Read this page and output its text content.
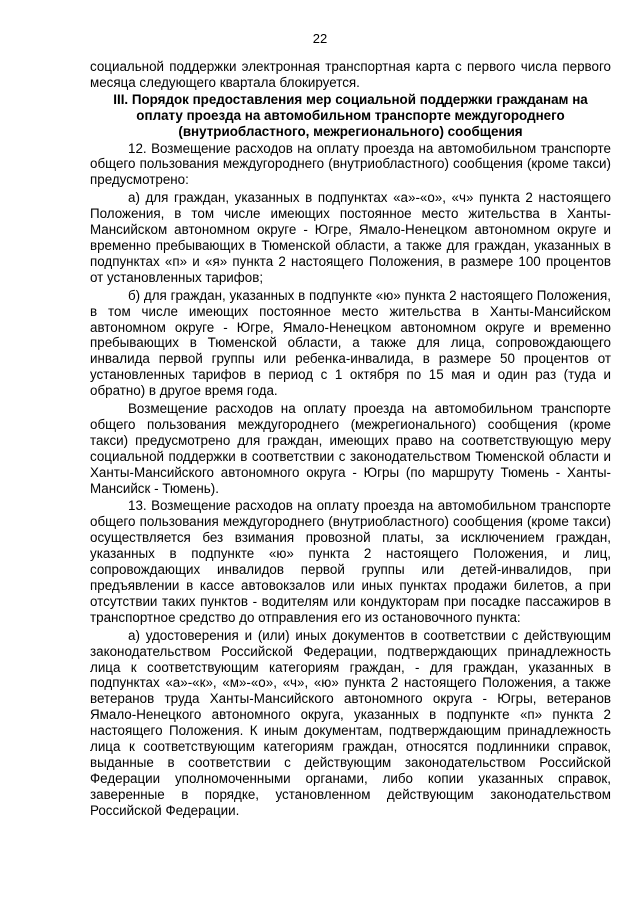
22

социальной поддержки электронная транспортная карта с первого числа первого месяца следующего квартала блокируется.

III. Порядок предоставления мер социальной поддержки гражданам на оплату проезда на автомобильном транспорте междугороднего (внутриобластного, межрегионального) сообщения

12. Возмещение расходов на оплату проезда на автомобильном транспорте общего пользования междугороднего (внутриобластного) сообщения (кроме такси) предусмотрено:

а) для граждан, указанных в подпунктах «а»-«о», «ч» пункта 2 настоящего Положения, в том числе имеющих постоянное место жительства в Ханты-Мансийском автономном округе - Югре, Ямало-Ненецком автономном округе и временно пребывающих в Тюменской области, а также для граждан, указанных в подпунктах «п» и «я» пункта 2 настоящего Положения, в размере 100 процентов от установленных тарифов;

б) для граждан, указанных в подпункте «ю» пункта 2 настоящего Положения, в том числе имеющих постоянное место жительства в Ханты-Мансийском автономном округе - Югре, Ямало-Ненецком автономном округе и временно пребывающих в Тюменской области, а также для лица, сопровождающего инвалида первой группы или ребенка-инвалида, в размере 50 процентов от установленных тарифов в период с 1 октября по 15 мая и один раз (туда и обратно) в другое время года.

Возмещение расходов на оплату проезда на автомобильном транспорте общего пользования междугороднего (межрегионального) сообщения (кроме такси) предусмотрено для граждан, имеющих право на соответствующую меру социальной поддержки в соответствии с законодательством Тюменской области и Ханты-Мансийского автономного округа - Югры (по маршруту Тюмень - Ханты-Мансийск - Тюмень).

13. Возмещение расходов на оплату проезда на автомобильном транспорте общего пользования междугороднего (внутриобластного) сообщения (кроме такси) осуществляется без взимания провозной платы, за исключением граждан, указанных в подпункте «ю» пункта 2 настоящего Положения, и лиц, сопровождающих инвалидов первой группы или детей-инвалидов, при предъявлении в кассе автовокзалов или иных пунктах продажи билетов, а при отсутствии таких пунктов - водителям или кондукторам при посадке пассажиров в транспортное средство до отправления его из остановочного пункта:

а) удостоверения и (или) иных документов в соответствии с действующим законодательством Российской Федерации, подтверждающих принадлежность лица к соответствующим категориям граждан, - для граждан, указанных в подпунктах «а»-«к», «м»-«о», «ч», «ю» пункта 2 настоящего Положения, а также ветеранов труда Ханты-Мансийского автономного округа - Югры, ветеранов Ямало-Ненецкого автономного округа, указанных в подпункте «п» пункта 2 настоящего Положения. К иным документам, подтверждающим принадлежность лица к соответствующим категориям граждан, относятся подлинники справок, выданные в соответствии с действующим законодательством Российской Федерации уполномоченными органами, либо копии указанных справок, заверенные в порядке, установленном действующим законодательством Российской Федерации.
